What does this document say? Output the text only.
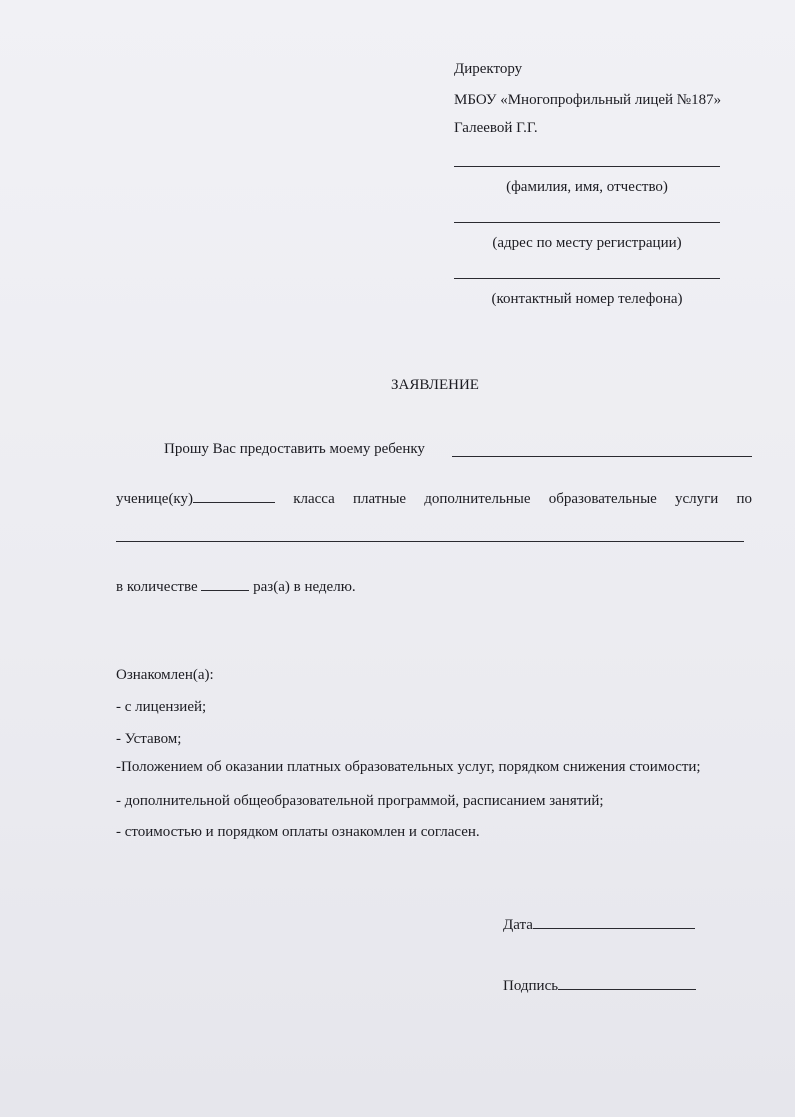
Директору
МБОУ «Многопрофильный лицей №187»
Галеевой Г.Г.
(фамилия, имя, отчество)
(адрес по месту регистрации)
(контактный номер телефона)
ЗАЯВЛЕНИЕ
Прошу Вас предоставить моему ребенку
ученице(ку)	класса платные дополнительные образовательные услуги по
в количестве	раз(а) в неделю.
Ознакомлен(а):
- с лицензией;
- Уставом;
-Положением об оказании платных образовательных услуг, порядком снижения стоимости;
- дополнительной общеобразовательной программой, расписанием занятий;
- стоимостью и порядком оплаты ознакомлен и согласен.
Дата
Подпись
